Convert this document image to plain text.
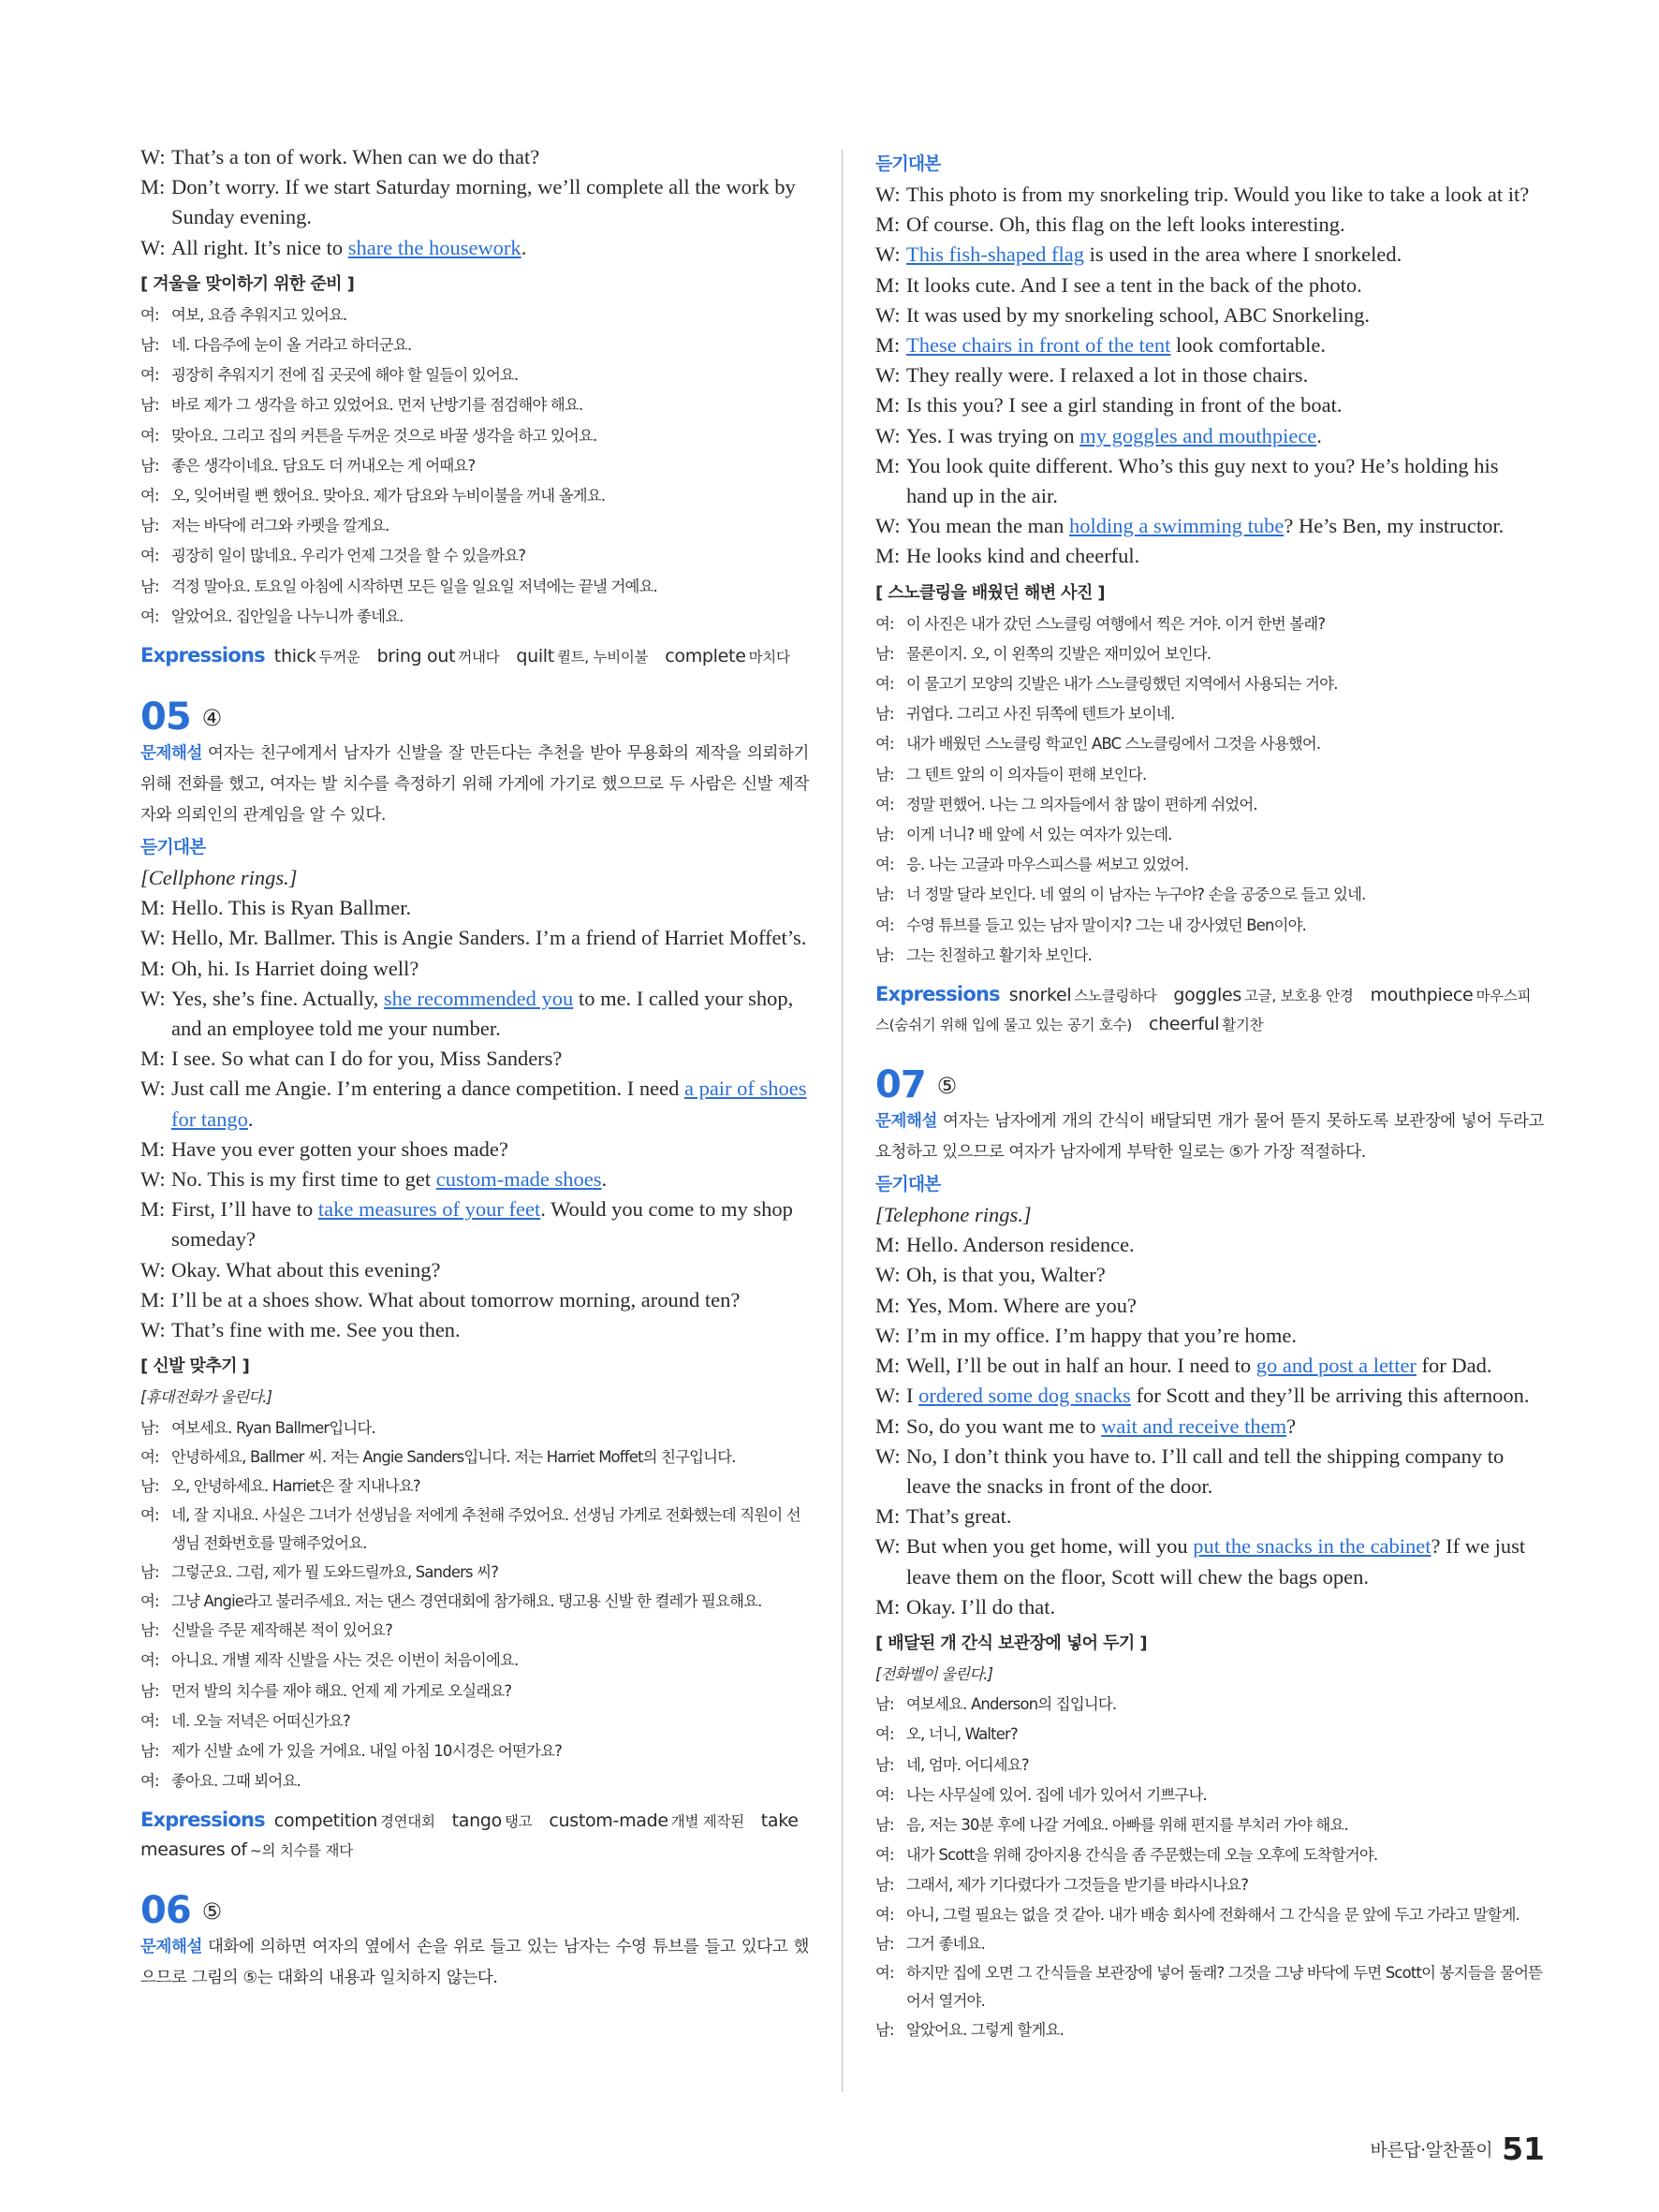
W: That’s a ton of work. When can we do that?
M: Don’t worry. If we start Saturday morning, we’ll complete all the work by Sunday evening.
W: All right. It’s nice to share the housework.
[ 겨울을 맞이하기 위한 준비 ]
여: 여보, 요즘 추워지고 있어요.
남: 네. 다음주에 눈이 올 거라고 하더군요.
여: 굉장히 추워지기 전에 집 곳곳에 해야 할 일들이 있어요.
남: 바로 제가 그 생각을 하고 있었어요. 먼저 난방기를 점검해야 해요.
여: 맞아요. 그리고 집의 커튼을 두꺼운 것으로 바꿀 생각을 하고 있어요.
남: 좋은 생각이네요. 담요도 더 꺼내오는 게 어때요?
여: 오, 잊어버릴 뻔 했어요. 맞아요. 제가 담요와 누비이불을 꺼내 올게요.
남: 저는 바닥에 러그와 카펫을 깔게요.
여: 굉장히 일이 많네요. 우리가 언제 그것을 할 수 있을까요?
남: 걱정 말아요. 토요일 아침에 시작하면 모든 일을 일요일 저녁에는 끝낼 거예요.
여: 알았어요. 집안일을 나누니까 좋네요.
Expressions thick 두꺼운 bring out 꺼내다 quilt 퀼트, 누비이불 complete 마치다
05 ④
문제해설 여자는 친구에게서 남자가 신발을 잘 만든다는 추천을 받아 무용화의 제작을 의뢰하기 위해 전화를 했고, 여자는 발 치수를 측정하기 위해 가게에 가기로 했으므로 두 사람은 신발 제작자와 의뢰인의 관계임을 알 수 있다.
듣기대본
[Cellphone rings.]
M: Hello. This is Ryan Ballmer.
W: Hello, Mr. Ballmer. This is Angie Sanders. I’m a friend of Harriet Moffet’s.
M: Oh, hi. Is Harriet doing well?
W: Yes, she’s fine. Actually, she recommended you to me. I called your shop, and an employee told me your number.
M: I see. So what can I do for you, Miss Sanders?
W: Just call me Angie. I’m entering a dance competition. I need a pair of shoes for tango.
M: Have you ever gotten your shoes made?
W: No. This is my first time to get custom-made shoes.
M: First, I’ll have to take measures of your feet. Would you come to my shop someday?
W: Okay. What about this evening?
M: I’ll be at a shoes show. What about tomorrow morning, around ten?
W: That’s fine with me. See you then.
[ 신발 맞추기 ]
[휴대전화가 울린다.]
남: 여보세요. Ryan Ballmer입니다.
여: 안녕하세요, Ballmer 씨. 저는 Angie Sanders입니다. 저는 Harriet Moffet의 친구입니다.
남: 오, 안녕하세요. Harriet은 잘 지내나요?
여: 네, 잘 지내요. 사실은 그녀가 선생님을 저에게 추천해 주었어요. 선생님 가게로 전화했는데 직원이 선생님 전화번호를 말해주었어요.
남: 그렇군요. 그럼, 제가 뭘 도와드릴까요, Sanders 씨?
여: 그냥 Angie라고 불러주세요. 저는 댄스 경연대회에 참가해요. 탱고용 신발 한 켤레가 필요해요.
남: 신발을 주문 제작해본 적이 있어요?
여: 아니요. 개별 제작 신발을 사는 것은 이번이 처음이에요.
남: 먼저 발의 치수를 재야 해요. 언제 제 가게로 오실래요?
여: 네. 오늘 저녁은 어떠신가요?
남: 제가 신발 쇼에 가 있을 거에요. 내일 아침 10시경은 어떤가요?
여: 좋아요. 그때 뵈어요.
Expressions competition 경연대회 tango 탱고 custom-made 개별 제작된 take measures of ~의 치수를 재다
06 ⑤
문제해설 대화에 의하면 여자의 옆에서 손을 위로 들고 있는 남자는 수영 튜브를 들고 있다고 했으므로 그림의 ⑤는 대화의 내용과 일치하지 않는다.
듣기대본
W: This photo is from my snorkeling trip. Would you like to take a look at it?
M: Of course. Oh, this flag on the left looks interesting.
W: This fish-shaped flag is used in the area where I snorkeled.
M: It looks cute. And I see a tent in the back of the photo.
W: It was used by my snorkeling school, ABC Snorkeling.
M: These chairs in front of the tent look comfortable.
W: They really were. I relaxed a lot in those chairs.
M: Is this you? I see a girl standing in front of the boat.
W: Yes. I was trying on my goggles and mouthpiece.
M: You look quite different. Who’s this guy next to you? He’s holding his hand up in the air.
W: You mean the man holding a swimming tube? He’s Ben, my instructor.
M: He looks kind and cheerful.
[ 스노클링을 배웠던 해변 사진 ]
여: 이 사진은 내가 갔던 스노클링 여행에서 찍은 거야. 이거 한번 볼래?
남: 물론이지. 오, 이 왼쪽의 깃발은 재미있어 보인다.
여: 이 물고기 모양의 깃발은 내가 스노클링했던 지역에서 사용되는 거야.
남: 귀엽다. 그리고 사진 뒤쪽에 텐트가 보이네.
여: 내가 배웠던 스노클링 학교인 ABC 스노클링에서 그것을 사용했어.
남: 그 텐트 앞의 이 의자들이 편해 보인다.
여: 정말 편했어. 나는 그 의자들에서 참 많이 편하게 쉬었어.
남: 이게 너니? 배 앞에 서 있는 여자가 있는데.
여: 응. 나는 고글과 마우스피스를 써보고 있었어.
남: 너 정말 달라 보인다. 네 옆의 이 남자는 누구야? 손을 공중으로 들고 있네.
여: 수영 튜브를 들고 있는 남자 말이지? 그는 내 강사였던 Ben이야.
남: 그는 친절하고 활기차 보인다.
Expressions snorkel 스노클링하다 goggles 고글, 보호용 안경 mouthpiece 마우스피스(숨쉬기 위해 입에 물고 있는 공기 호수) cheerful 활기찬
07 ⑤
문제해설 여자는 남자에게 개의 간식이 배달되면 개가 물어 뜯지 못하도록 보관장에 넣어 두라고 요청하고 있으므로 여자가 남자에게 부탁한 일로는 ⑤가 가장 적절하다.
듣기대본
[Telephone rings.]
M: Hello. Anderson residence.
W: Oh, is that you, Walter?
M: Yes, Mom. Where are you?
W: I’m in my office. I’m happy that you’re home.
M: Well, I’ll be out in half an hour. I need to go and post a letter for Dad.
W: I ordered some dog snacks for Scott and they’ll be arriving this afternoon.
M: So, do you want me to wait and receive them?
W: No, I don’t think you have to. I’ll call and tell the shipping company to leave the snacks in front of the door.
M: That’s great.
W: But when you get home, will you put the snacks in the cabinet? If we just leave them on the floor, Scott will chew the bags open.
M: Okay. I’ll do that.
[ 배달된 개 간식 보관장에 넣어 두기 ]
[전화벨이 울린다.]
남: 여보세요. Anderson의 집입니다.
여: 오, 너니, Walter?
남: 네, 엄마. 어디세요?
여: 나는 사무실에 있어. 집에 네가 있어서 기쁘구나.
남: 음, 저는 30분 후에 나갈 거예요. 아빠를 위해 편지를 부치러 가야 해요.
여: 내가 Scott을 위해 강아지용 간식을 좀 주문했는데 오늘 오후에 도착할거야.
남: 그래서, 제가 기다렸다가 그것들을 받기를 바라시나요?
여: 아니, 그럴 필요는 없을 것 같아. 내가 배송 회사에 전화해서 그 간식을 문 앞에 두고 가라고 말할게.
남: 그거 좋네요.
여: 하지만 집에 오면 그 간식들을 보관장에 넣어 둘래? 그것을 그냥 바닥에 두면 Scott이 봉지들을 물어뜯어서 열거야.
남: 알았어요. 그렇게 할게요.
바른답·알찬풀이 51
